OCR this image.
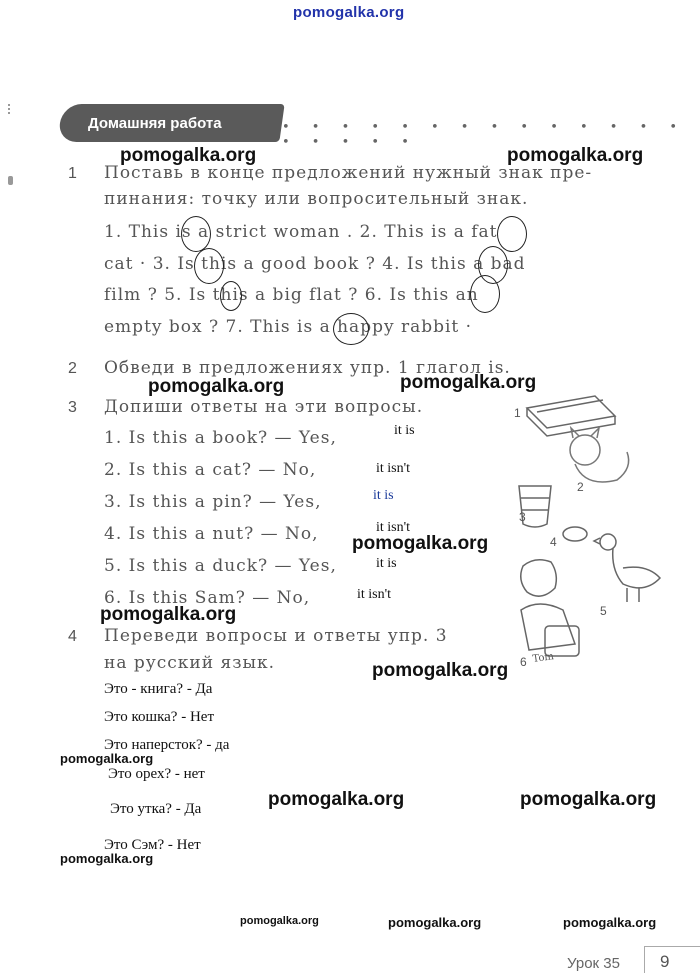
pomogalka.org
Домашняя работа	• • • • • • • • • • • • • • • • • • •
1 Поставь в конце предложений нужный знак пре-
пинания: точку или вопросительный знак.
1. This is a strict woman . 2. This is a fat
cat · 3. Is this a good book ? 4. Is this a bad
film ? 5. Is this a big flat ? 6. Is this an
empty box ? 7. This is a happy rabbit ·
2 Обведи в предложениях упр. 1 глагол is.
3 Допиши ответы на эти вопросы.
1. Is this a book? — Yes,
2. Is this a cat? — No,
3. Is this a pin? — Yes,
4. Is this a nut? — No,
5. Is this a duck? — Yes,
6. Is this Sam? — No,
it is
it isn't
it is
it isn't
it is
it isn't
Tom
1
2
3
4
5
6
4 Переведи вопросы и ответы упр. 3
на русский язык.
Это - книга? - Да
Это кошка? - Нет
Это наперсток? - да
Это орех? - нет
Это утка? - Да
Это Сэм? - Нет
pomogalka.org	pomogalka.org
pomogalka.org	pomogalka.org
pomogalka.org
pomogalka.org
pomogalka.org
pomogalka.org
pomogalka.org	pomogalka.org
pomogalka.org
pomogalka.org	pomogalka.org	pomogalka.org
Урок 35 9
